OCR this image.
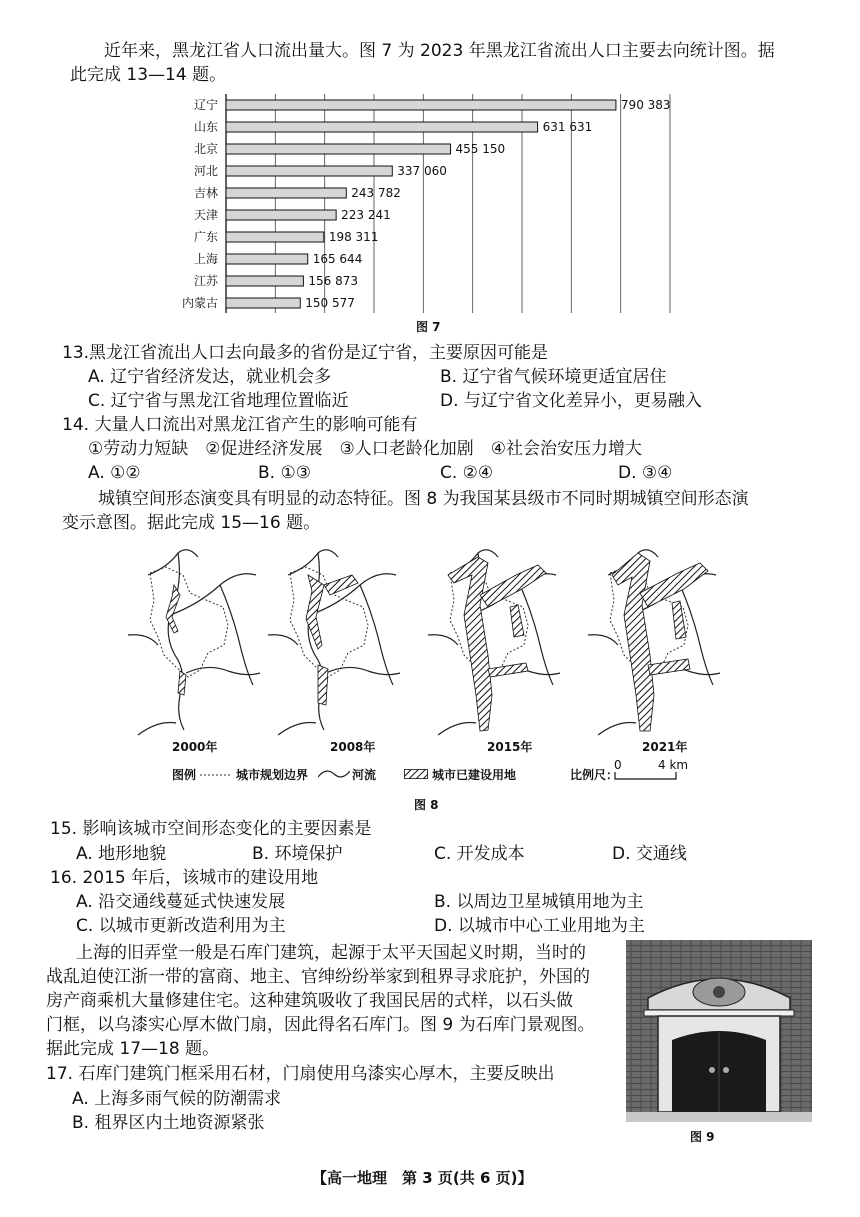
近年来，黑龙江省人口流出量大。图 7 为 2023 年黑龙江省流出人口主要去向统计图。据
此完成 13—14 题。
辽宁	790 383
山东	631 631
北京	455 150
河北	337 060
吉林	243 782
天津	223 241
广东	198 311
上海	165 644
江苏	156 873
内蒙古	150 577
图 7
13.黑龙江省流出人口去向最多的省份是辽宁省，主要原因可能是
A. 辽宁省经济发达，就业机会多	B. 辽宁省气候环境更适宜居住
C. 辽宁省与黑龙江省地理位置临近	D. 与辽宁省文化差异小，更易融入
14. 大量人口流出对黑龙江省产生的影响可能有
①劳动力短缺　②促进经济发展　③人口老龄化加剧　④社会治安压力增大
A. ①②	B. ①③	C. ②④	D. ③④
城镇空间形态演变具有明显的动态特征。图 8 为我国某县级市不同时期城镇空间形态演
变示意图。据此完成 15—16 题。
2000年	2008年	2015年	2021年
图例	城市规划边界	河流	城市已建设用地	比例尺：
0	4 km
图 8
15. 影响该城市空间形态变化的主要因素是
A. 地形地貌	B. 环境保护	C. 开发成本	D. 交通线
16. 2015 年后，该城市的建设用地
A. 沿交通线蔓延式快速发展	B. 以周边卫星城镇用地为主
C. 以城市更新改造利用为主	D. 以城市中心工业用地为主
上海的旧弄堂一般是石库门建筑，起源于太平天国起义时期，当时的
战乱迫使江浙一带的富商、地主、官绅纷纷举家到租界寻求庇护，外国的
房产商乘机大量修建住宅。这种建筑吸收了我国民居的式样，以石头做
门框，以乌漆实心厚木做门扇，因此得名石库门。图 9 为石库门景观图。
据此完成 17—18 题。
17. 石库门建筑门框采用石材，门扇使用乌漆实心厚木，主要反映出
A. 上海多雨气候的防潮需求
B. 租界区内土地资源紧张
图 9
【高一地理　第 3 页(共 6 页)】
